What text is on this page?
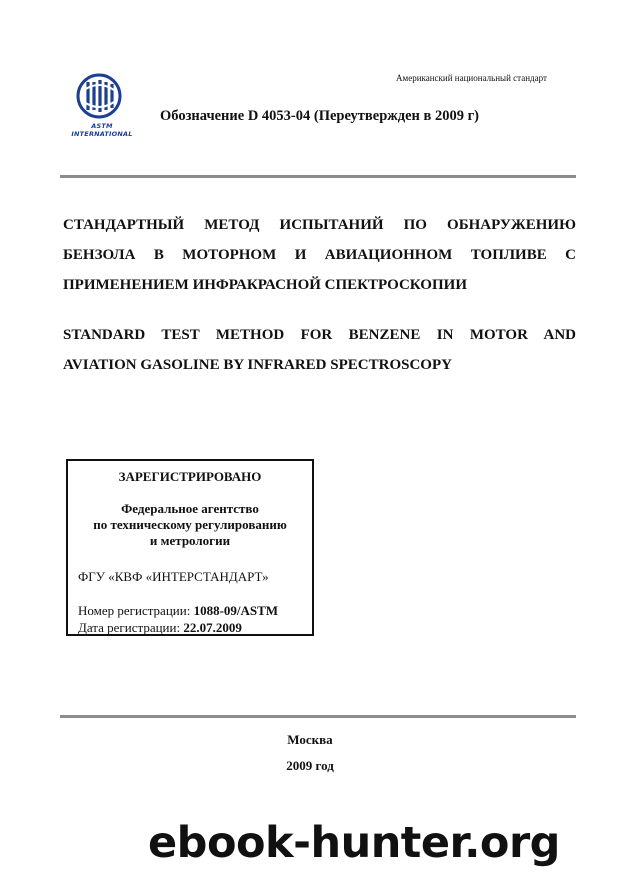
ASTM INTERNATIONAL
Американский национальный стандарт
Обозначение D 4053-04 (Переутвержден в 2009 г)
СТАНДАРТНЫЙ МЕТОД ИСПЫТАНИЙ ПО ОБНАРУЖЕНИЮ
БЕНЗОЛА В МОТОРНОМ И АВИАЦИОННОМ ТОПЛИВЕ С
ПРИМЕНЕНИЕМ ИНФРАКРАСНОЙ СПЕКТРОСКОПИИ
STANDARD TEST METHOD FOR BENZENE IN MOTOR AND
AVIATION GASOLINE BY INFRARED SPECTROSCOPY
ЗАРЕГИСТРИРОВАНО
Федеральное агентство
по техническому регулированию
и метрологии
ФГУ «КВФ «ИНТЕРСТАНДАРТ»
Номер регистрации: 1088-09/ASTM
Дата регистрации: 22.07.2009
Москва
2009 год
ebook-hunter.org
